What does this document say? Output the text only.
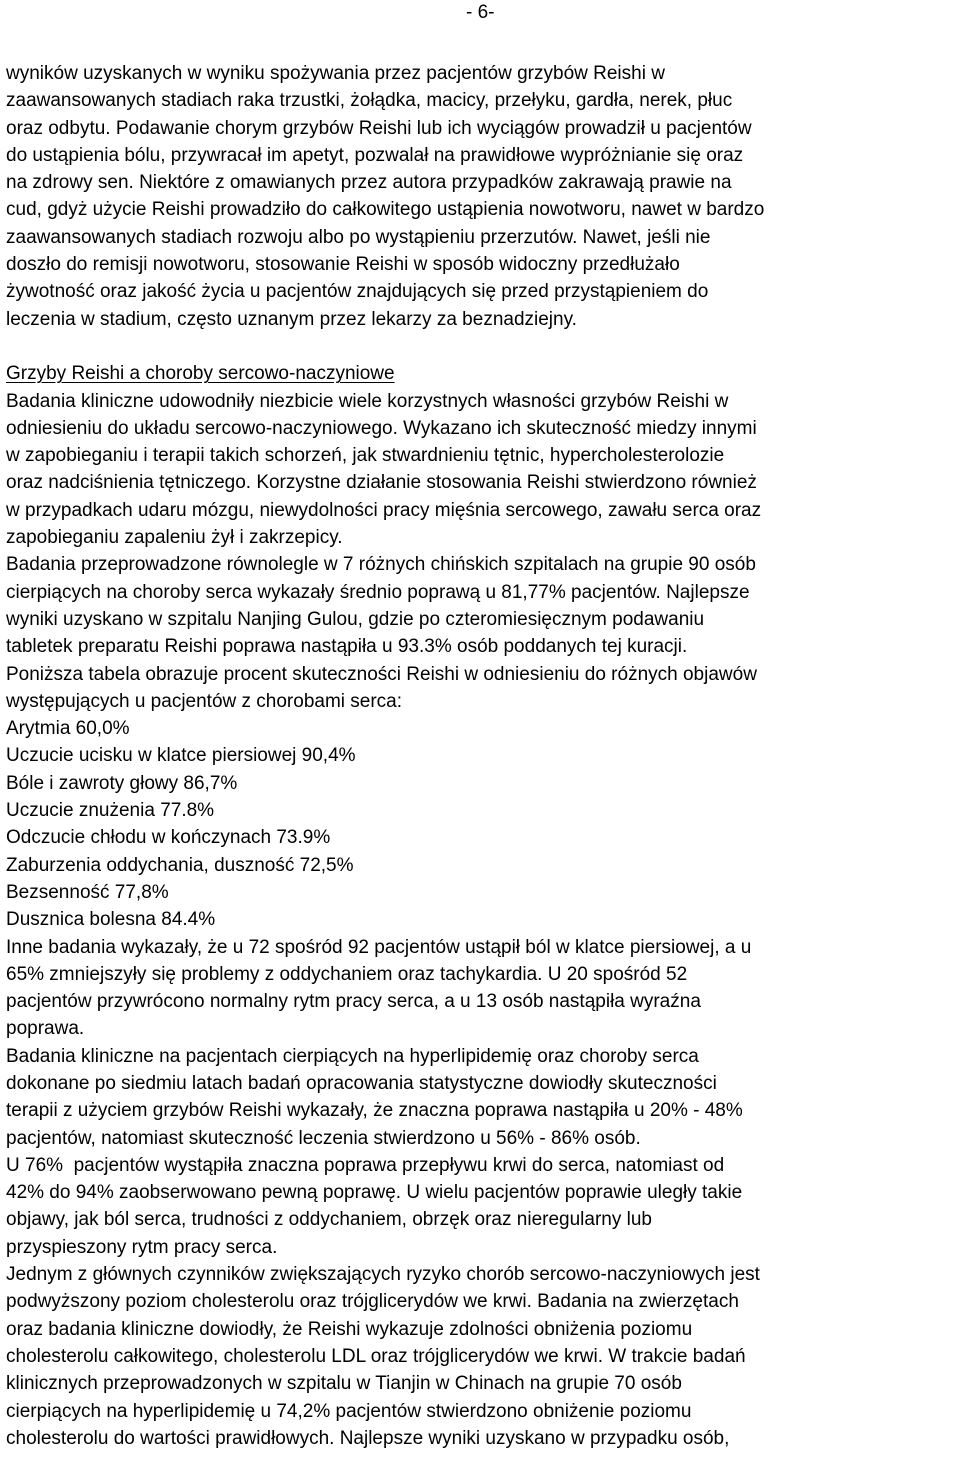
- 6-
wyników uzyskanych w wyniku spożywania przez pacjentów grzybów Reishi w
zaawansowanych stadiach raka trzustki, żołądka, macicy, przełyku, gardła, nerek, płuc
oraz odbytu. Podawanie chorym grzybów Reishi lub ich wyciągów prowadził u pacjentów
do ustąpienia bólu, przywracał im apetyt, pozwalał na prawidłowe wypróżnianie się oraz
na zdrowy sen. Niektóre z omawianych przez autora przypadków zakrawają prawie na
cud, gdyż użycie Reishi prowadziło do całkowitego ustąpienia nowotworu, nawet w bardzo
zaawansowanych stadiach rozwoju albo po wystąpieniu przerzutów. Nawet, jeśli nie
doszło do remisji nowotworu, stosowanie Reishi w sposób widoczny przedłużało
żywotność oraz jakość życia u pacjentów znajdujących się przed przystąpieniem do
leczenia w stadium, często uznanym przez lekarzy za beznadziejny.
Grzyby Reishi a choroby sercowo-naczyniowe
Badania kliniczne udowodniły niezbicie wiele korzystnych własności grzybów Reishi w
odniesieniu do układu sercowo-naczyniowego. Wykazano ich skuteczność miedzy innymi
w zapobieganiu i terapii takich schorzeń, jak stwardnieniu tętnic, hypercholesterolozie
oraz nadciśnienia tętniczego. Korzystne działanie stosowania Reishi stwierdzono również
w przypadkach udaru mózgu, niewydolności pracy mięśnia sercowego, zawału serca oraz
zapobieganiu zapaleniu żył i zakrzepicy.
Badania przeprowadzone równolegle w 7 różnych chińskich szpitalach na grupie 90 osób
cierpiących na choroby serca wykazały średnio poprawą u 81,77% pacjentów. Najlepsze
wyniki uzyskano w szpitalu Nanjing Gulou, gdzie po czteromiesięcznym podawaniu
tabletek preparatu Reishi poprawa nastąpiła u 93.3% osób poddanych tej kuracji.
Poniższa tabela obrazuje procent skuteczności Reishi w odniesieniu do różnych objawów
występujących u pacjentów z chorobami serca:
Arytmia 60,0%
Uczucie ucisku w klatce piersiowej 90,4%
Bóle i zawroty głowy 86,7%
Uczucie znużenia 77.8%
Odczucie chłodu w kończynach 73.9%
Zaburzenia oddychania, duszność 72,5%
Bezsenność 77,8%
Dusznica bolesna 84.4%
Inne badania wykazały, że u 72 spośród 92 pacjentów ustąpił ból w klatce piersiowej, a u
65% zmniejszyły się problemy z oddychaniem oraz tachykardia. U 20 spośród 52
pacjentów przywrócono normalny rytm pracy serca, a u 13 osób nastąpiła wyraźna
poprawa.
Badania kliniczne na pacjentach cierpiących na hyperlipidemię oraz choroby serca
dokonane po siedmiu latach badań opracowania statystyczne dowiodły skuteczności
terapii z użyciem grzybów Reishi wykazały, że znaczna poprawa nastąpiła u 20% - 48%
pacjentów, natomiast skuteczność leczenia stwierdzono u 56% - 86% osób.
U 76%  pacjentów wystąpiła znaczna poprawa przepływu krwi do serca, natomiast od
42% do 94% zaobserwowano pewną poprawę. U wielu pacjentów poprawie uległy takie
objawy, jak ból serca, trudności z oddychaniem, obrzęk oraz nieregularny lub
przyspieszony rytm pracy serca.
Jednym z głównych czynników zwiększających ryzyko chorób sercowo-naczyniowych jest
podwyższony poziom cholesterolu oraz trójglicerydów we krwi. Badania na zwierzętach
oraz badania kliniczne dowiodły, że Reishi wykazuje zdolności obniżenia poziomu
cholesterolu całkowitego, cholesterolu LDL oraz trójglicerydów we krwi. W trakcie badań
klinicznych przeprowadzonych w szpitalu w Tianjin w Chinach na grupie 70 osób
cierpiących na hyperlipidemię u 74,2% pacjentów stwierdzono obniżenie poziomu
cholesterolu do wartości prawidłowych. Najlepsze wyniki uzyskano w przypadku osób,
